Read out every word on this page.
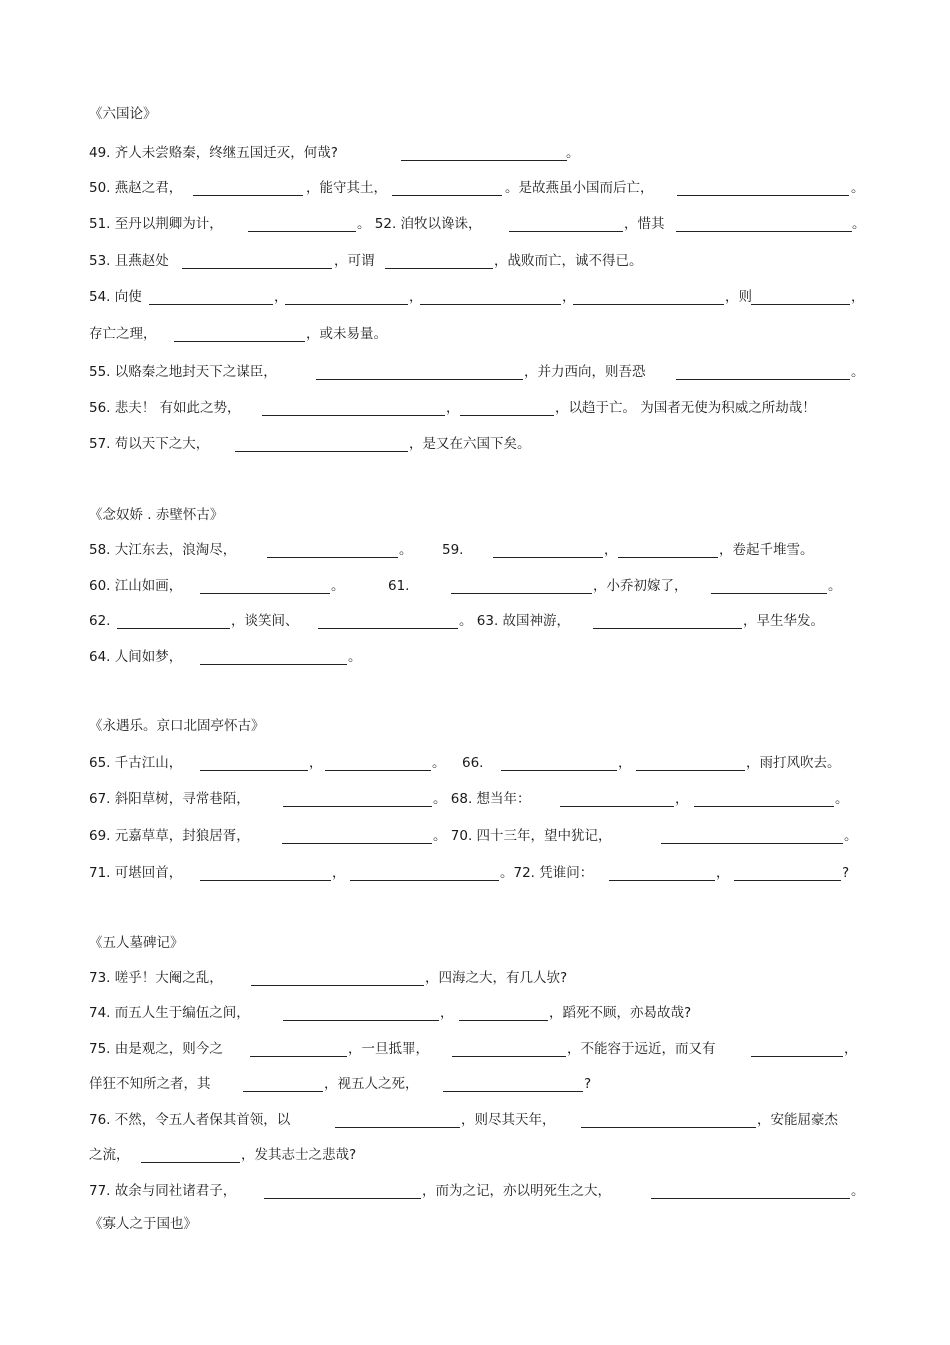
《六国论》
49. 齐人未尝赂秦，终继五国迁灭，何哉?	。
50. 燕赵之君，	，能守其土，	。是故燕虽小国而后亡，	。
51. 至丹以荆卿为计，	。 52. 洎牧以谗诛，	，惜其	。
53. 且燕赵处	，可谓	，战败而亡，诚不得已。
54. 向使	，	，	，	，则	，
存亡之理，	，或未易量。
55. 以赂秦之地封天下之谋臣，	，并力西向，则吾恐	。
56. 悲夫！ 有如此之势，	，	，以趋于亡。 为国者无使为积威之所劫哉！
57. 苟以天下之大，	，是又在六国下矣。
《念奴娇 . 赤壁怀古》
58. 大江东去，浪淘尽，	。 59.	，	，卷起千堆雪。
60. 江山如画，	。	61.	，小乔初嫁了，	。
62.	，谈笑间、	。 63. 故国神游，	，早生华发。
64. 人间如梦，	。
《永遇乐。京口北固亭怀古》
65. 千古江山，	，	。 66.	，	，雨打风吹去。
67. 斜阳草树，寻常巷陌，	。 68. 想当年：	，	。
69. 元嘉草草，封狼居胥，	。 70. 四十三年，望中犹记，	。
71. 可堪回首，	，	。72. 凭谁问：	，	?
《五人墓碑记》
73. 嗟乎！大阉之乱，	，四海之大，有几人欤?
74. 而五人生于编伍之间，	，	，蹈死不顾，亦曷故哉?
75. 由是观之，则今之	，一旦抵罪，	，不能容于远近，而又有	，
佯狂不知所之者，其	，视五人之死，	?
76. 不然，令五人者保其首领，以	，则尽其天年，	，安能屈豪杰
之流，	，发其志士之悲哉?
77. 故余与同社诸君子，	，而为之记，亦以明死生之大，	。
《寡人之于国也》
